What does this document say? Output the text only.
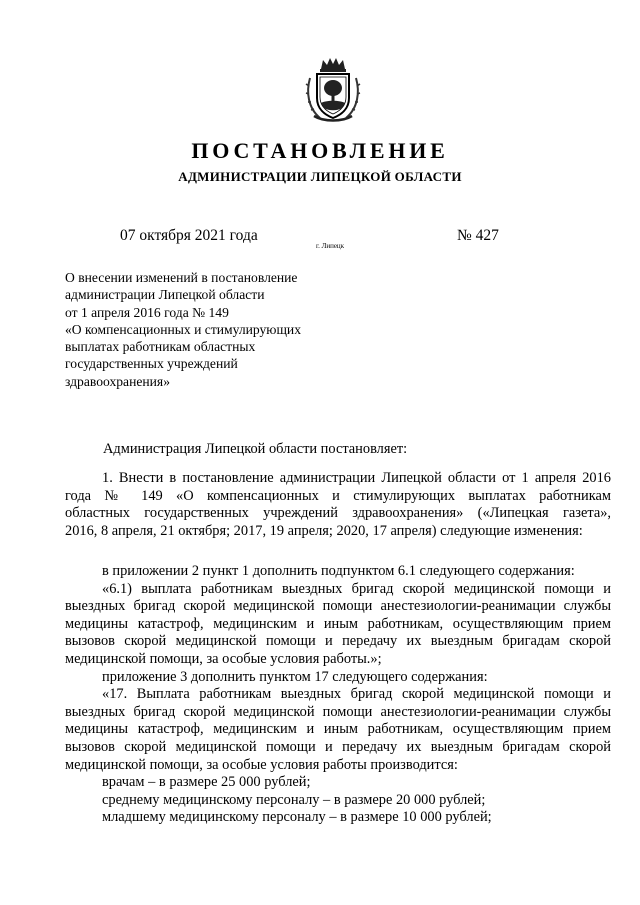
ПОСТАНОВЛЕНИЕ
АДМИНИСТРАЦИИ ЛИПЕЦКОЙ ОБЛАСТИ
07 октября 2021 года
г. Липецк
№ 427
О внесении изменений в постановление
администрации Липецкой области
от 1 апреля 2016 года № 149
«О компенсационных и стимулирующих
выплатах работникам областных
государственных учреждений
здравоохранения»
Администрация Липецкой области постановляет:
1. Внести в постановление администрации Липецкой области от 1 апреля 2016
года № 149 «О компенсационных и стимулирующих выплатах работникам
областных государственных учреждений здравоохранения» («Липецкая газета»,
2016, 8 апреля, 21 октября; 2017, 19 апреля; 2020, 17 апреля) следующие изменения:
в приложении 2 пункт 1 дополнить подпунктом 6.1 следующего содержания:
«6.1) выплата работникам выездных бригад скорой медицинской помощи и
выездных бригад скорой медицинской помощи анестезиологии-реанимации службы
медицины катастроф, медицинским и иным работникам, осуществляющим прием
вызовов скорой медицинской помощи и передачу их выездным бригадам скорой
медицинской помощи, за особые условия работы.»;
приложение 3 дополнить пунктом 17 следующего содержания:
«17. Выплата работникам выездных бригад скорой медицинской помощи и
выездных бригад скорой медицинской помощи анестезиологии-реанимации службы
медицины катастроф, медицинским и иным работникам, осуществляющим прием
вызовов скорой медицинской помощи и передачу их выездным бригадам скорой
медицинской помощи, за особые условия работы производится:
врачам – в размере 25 000 рублей;
среднему медицинскому персоналу – в размере 20 000 рублей;
младшему медицинскому персоналу – в размере 10 000 рублей;
